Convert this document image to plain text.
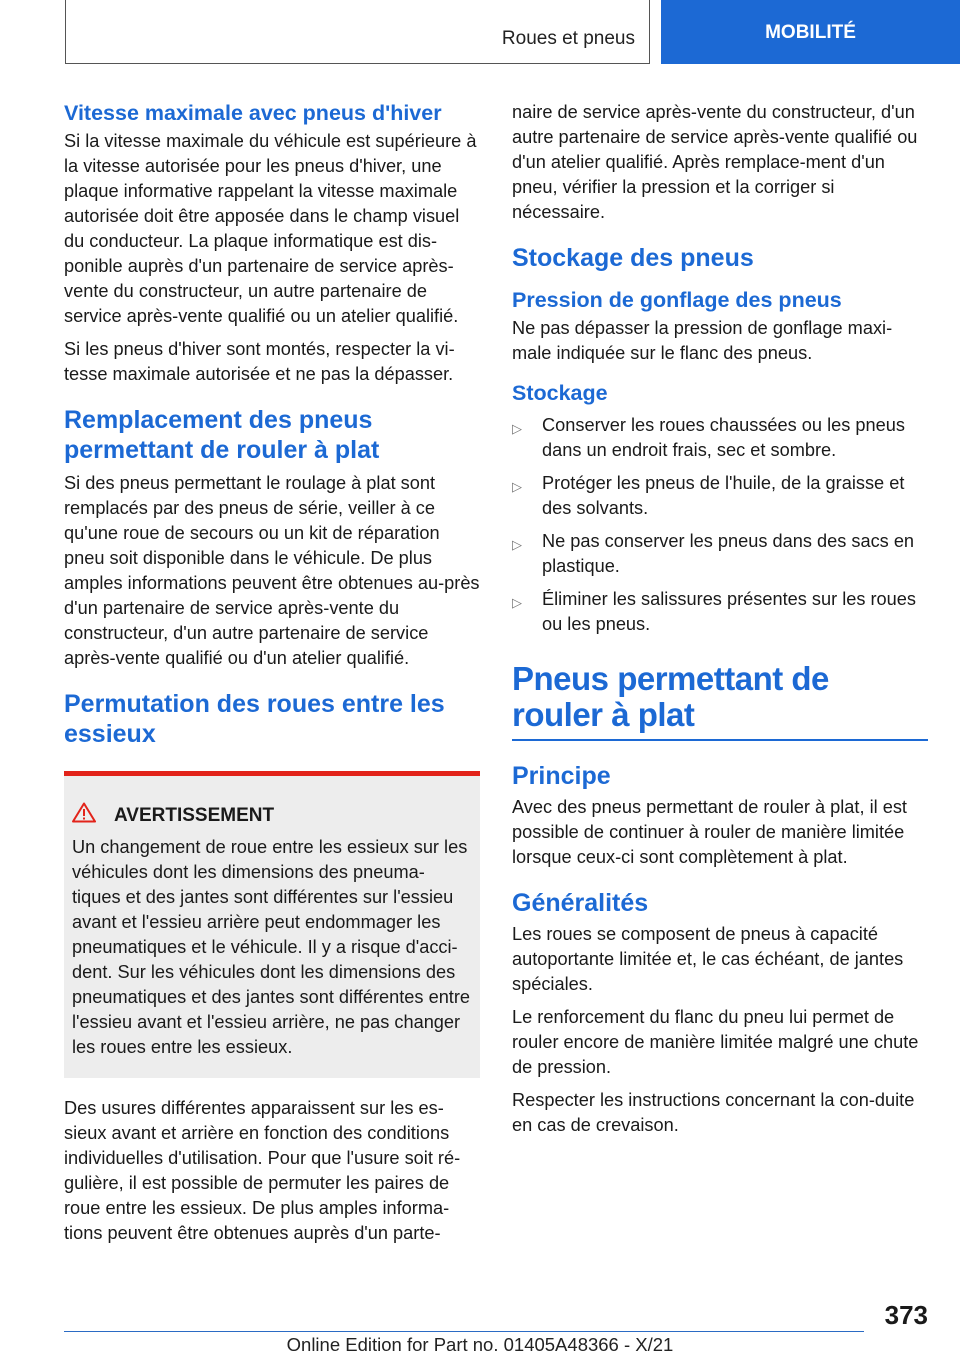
Roues et pneus	MOBILITÉ
Vitesse maximale avec pneus d'hiver

Si la vitesse maximale du véhicule est supérieure à la vitesse autorisée pour les pneus d'hiver, une plaque informative rappelant la vitesse maximale autorisée doit être apposée dans le champ visuel du conducteur. La plaque informatique est dis-ponible auprès d'un partenaire de service après-vente du constructeur, un autre partenaire de service après-vente qualifié ou un atelier qualifié.

Si les pneus d'hiver sont montés, respecter la vi-tesse maximale autorisée et ne pas la dépasser.

Remplacement des pneus permettant de rouler à plat

Si des pneus permettant le roulage à plat sont remplacés par des pneus de série, veiller à ce qu'une roue de secours ou un kit de réparation pneu soit disponible dans le véhicule. De plus amples informations peuvent être obtenues au-près d'un partenaire de service après-vente du constructeur, d'un autre partenaire de service après-vente qualifié ou d'un atelier qualifié.

Permutation des roues entre les essieux
AVERTISSEMENT

Un changement de roue entre les essieux sur les véhicules dont les dimensions des pneuma-tiques et des jantes sont différentes sur l'essieu avant et l'essieu arrière peut endommager les pneumatiques et le véhicule. Il y a risque d'acci-dent. Sur les véhicules dont les dimensions des pneumatiques et des jantes sont différentes entre l'essieu avant et l'essieu arrière, ne pas changer les roues entre les essieux.

Des usures différentes apparaissent sur les es-sieux avant et arrière en fonction des conditions individuelles d'utilisation. Pour que l'usure soit ré-gulière, il est possible de permuter les paires de roue entre les essieux. De plus amples informa-tions peuvent être obtenues auprès d'un parte-

naire de service après-vente du constructeur, d'un autre partenaire de service après-vente qualifié ou d'un atelier qualifié. Après remplace-ment d'un pneu, vérifier la pression et la corriger si nécessaire.

Stockage des pneus
Pression de gonflage des pneus

Ne pas dépasser la pression de gonflage maxi-male indiquée sur le flanc des pneus.

Stockage
▷	Conserver les roues chaussées ou les pneus dans un endroit frais, sec et sombre.
▷	Protéger les pneus de l'huile, de la graisse et des solvants.
▷	Ne pas conserver les pneus dans des sacs en plastique.
▷	Éliminer les salissures présentes sur les roues ou les pneus.
Pneus permettant de rouler à plat
Principe

Avec des pneus permettant de rouler à plat, il est possible de continuer à rouler de manière limitée lorsque ceux-ci sont complètement à plat.

Généralités

Les roues se composent de pneus à capacité autoportante limitée et, le cas échéant, de jantes spéciales.

Le renforcement du flanc du pneu lui permet de rouler encore de manière limitée malgré une chute de pression.

Respecter les instructions concernant la con-duite en cas de crevaison.

373
Online Edition for Part no. 01405A48366 - X/21
